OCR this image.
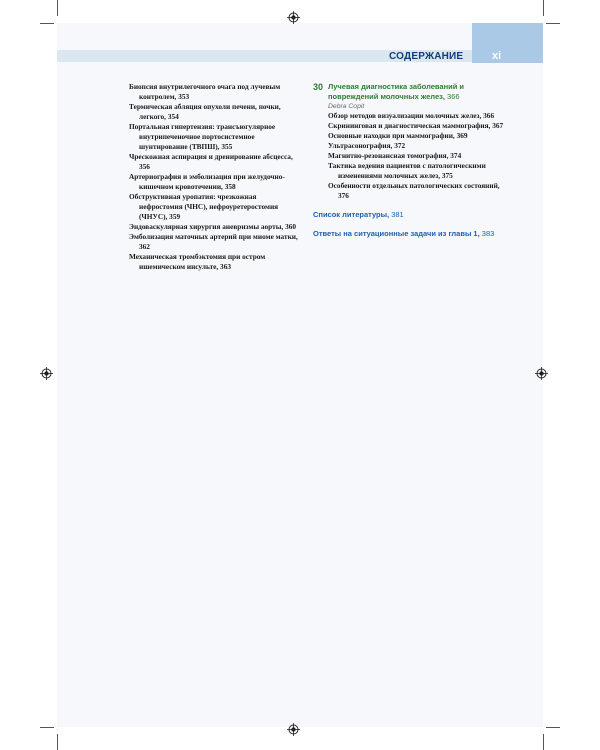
СОДЕРЖАНИЕ	xi
Биопсия внутрилегочного очага под лучевым контролем, 353
Термическая абляция опухоли печени, почки, легкого, 354
Портальная гипертензия: трансъюгулярное внутрипеченочное портосистемное шунтирование (ТВПШ), 355
Чрескожная аспирация и дренирование абсцесса, 356
Артериография и эмболизация при желудочно-кишечном кровотечении, 358
Обструктивная уропатия: чрезкожная нефростомия (ЧНС), нефроуретеростомия (ЧНУС), 359
Эндоваскулярная хирургия аневризмы аорты, 360
Эмболизация маточных артерий при миоме матки, 362
Механическая тромбэктомия при остром ишемическом инсульте, 363
30 Лучевая диагностика заболеваний и повреждений молочных желез, 366
Debra Copit
Обзор методов визуализации молочных желез, 366
Скрининговая и диагностическая маммография, 367
Основные находки при маммографии, 369
Ультрасонография, 372
Магнитно-резонансная томография, 374
Тактика ведения пациентов с патологическими изменениями молочных желез, 375
Особенности отдельных патологических состояний, 376
Список литературы, 381
Ответы на ситуационные задачи из главы 1, 383
